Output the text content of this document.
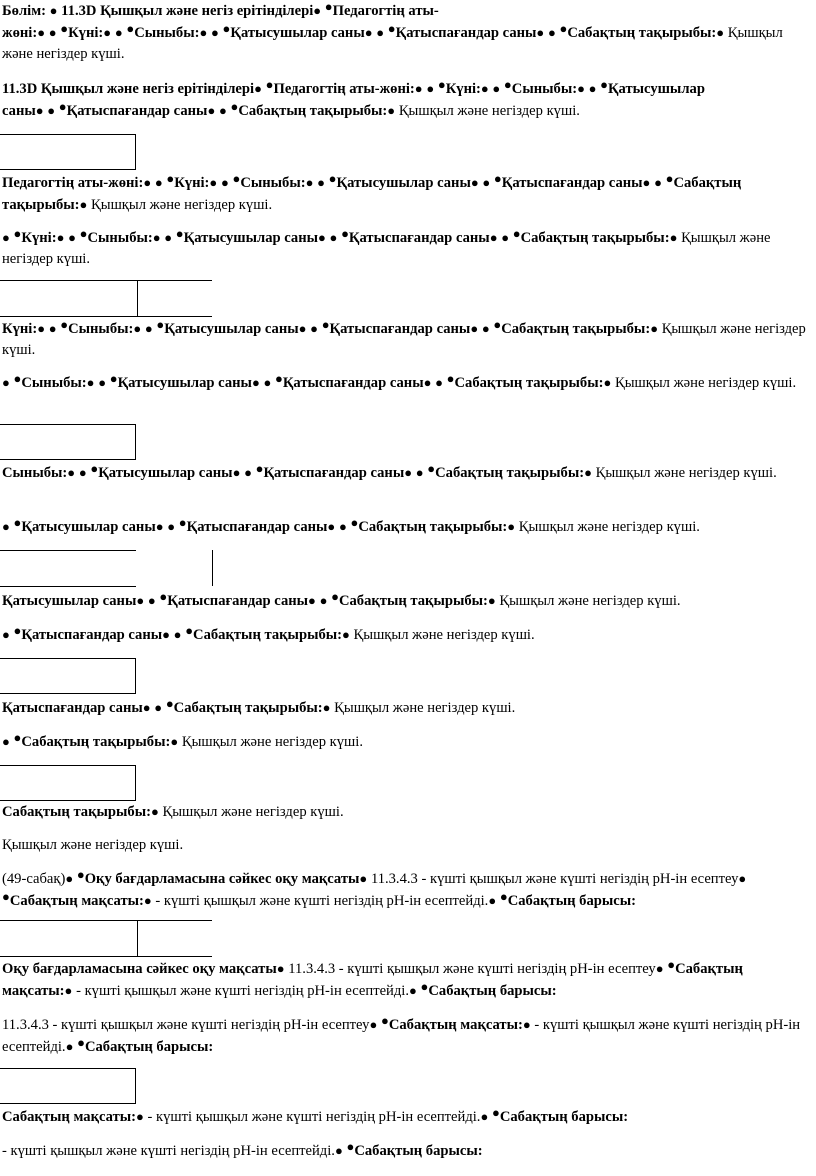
Бөлім: ● 11.3D Қышқыл және негіз ерітінділері● ●Педагогтің аты-
жөні:● ● ●Күні:● ● ●Сыныбы:● ● ●Қатысушылар саны● ● ●Қатыспағандар саны● ● ●Сабақтың тақырыбы:● Қышқыл және негіздер күші.

11.3D Қышқыл және негіз ерітінділері● ●Педагогтің аты-жөні:● ● ●Күні:● ● ●Сыныбы:● ● ●Қатысушылар
саны● ● ●Қатыспағандар саны● ● ●Сабақтың тақырыбы:● Қышқыл және негіздер күші.

Педагогтің аты-жөні:● ● ●Күні:● ● ●Сыныбы:● ● ●Қатысушылар саны● ● ●Қатыспағандар саны● ● ●Сабақтың тақырыбы:● Қышқыл және негіздер күші.

● ●Күні:● ● ●Сыныбы:● ● ●Қатысушылар саны● ● ●Қатыспағандар саны● ● ●Сабақтың тақырыбы:● Қышқыл және негіздер күші.

Күні:● ● ●Сыныбы:● ● ●Қатысушылар саны● ● ●Қатыспағандар саны● ● ●Сабақтың тақырыбы:● Қышқыл және негіздер күші.

● ●Сыныбы:● ● ●Қатысушылар саны● ● ●Қатыспағандар саны● ● ●Сабақтың тақырыбы:● Қышқыл және негіздер күші.

Сыныбы:● ● ●Қатысушылар саны● ● ●Қатыспағандар саны● ● ●Сабақтың тақырыбы:● Қышқыл және негіздер күші.

● ●Қатысушылар саны● ● ●Қатыспағандар саны● ● ●Сабақтың тақырыбы:● Қышқыл және негіздер күші.

Қатысушылар саны● ● ●Қатыспағандар саны● ● ●Сабақтың тақырыбы:● Қышқыл және негіздер күші.

● ●Қатыспағандар саны● ● ●Сабақтың тақырыбы:● Қышқыл және негіздер күші.

Қатыспағандар саны● ● ●Сабақтың тақырыбы:● Қышқыл және негіздер күші.

● ●Сабақтың тақырыбы:● Қышқыл және негіздер күші.

Сабақтың тақырыбы:● Қышқыл және негіздер күші.

Қышқыл және негіздер күші.

(49-сабақ)● ●Оқу бағдарламасына сәйкес оқу мақсаты● 11.3.4.3 - күшті қышқыл және күшті негіздің pH-ін есептеу● ●Сабақтың мақсаты:● - күшті қышқыл және күшті негіздің pH-ін есептейді.● ●Сабақтың барысы:

Оқу бағдарламасына сәйкес оқу мақсаты● 11.3.4.3 - күшті қышқыл және күшті негіздің pH-ін есептеу● ●Сабақтың мақсаты:● - күшті қышқыл және күшті негіздің pH-ін есептейді.● ●Сабақтың барысы:

11.3.4.3 - күшті қышқыл және күшті негіздің pH-ін есептеу● ●Сабақтың мақсаты:● - күшті қышқыл және күшті негіздің pH-ін есептейді.● ●Сабақтың барысы:

Сабақтың мақсаты:● - күшті қышқыл және күшті негіздің pH-ін есептейді.● ●Сабақтың барысы:

- күшті қышқыл және күшті негіздің pH-ін есептейді.● ●Сабақтың барысы:
